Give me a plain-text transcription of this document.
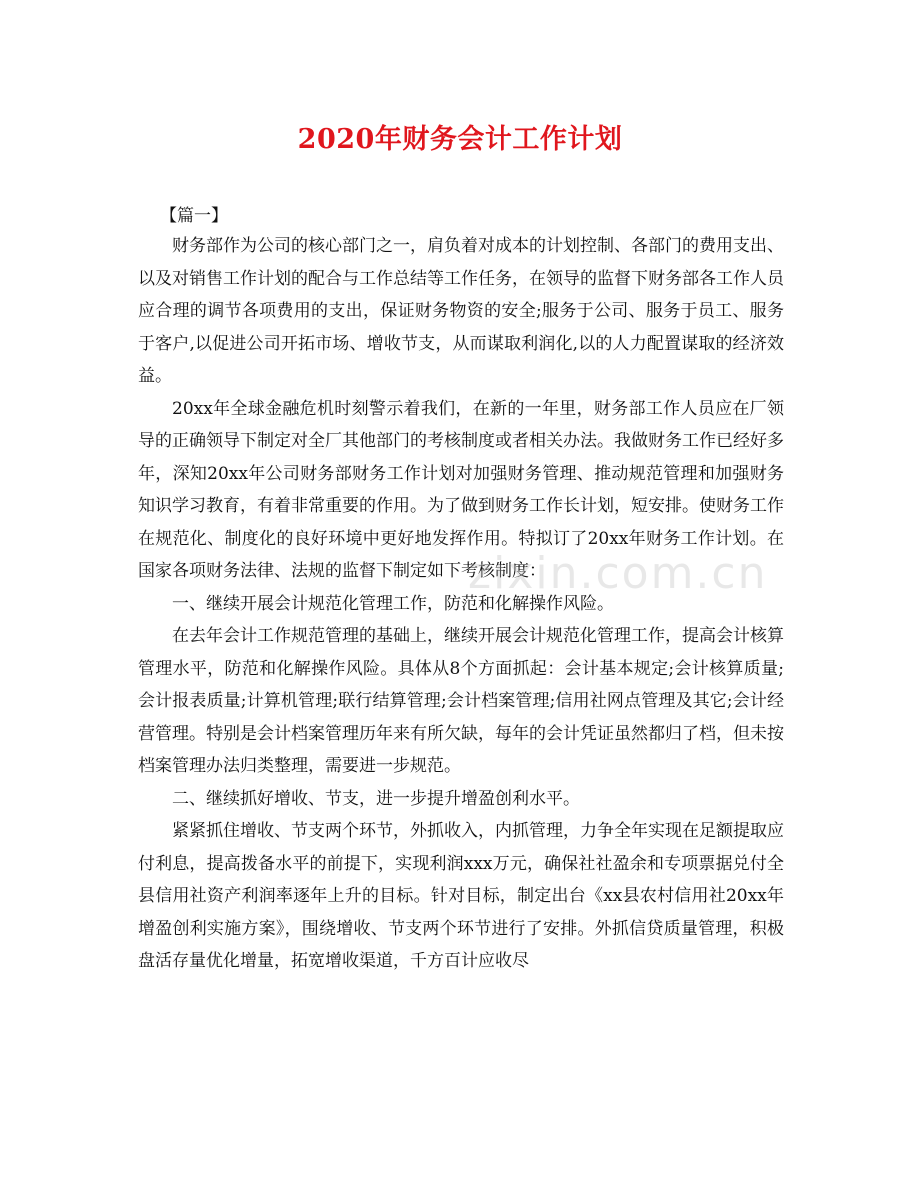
2020年财务会计工作计划
【篇一】

财务部作为公司的核心部门之一，肩负着对成本的计划控制、各部门的费用支出、以及对销售工作计划的配合与工作总结等工作任务，在领导的监督下财务部各工作人员应合理的调节各项费用的支出，保证财务物资的安全;服务于公司、服务于员工、服务于客户,以促进公司开拓市场、增收节支，从而谋取利润化,以的人力配置谋取的经济效益。

20xx年全球金融危机时刻警示着我们，在新的一年里，财务部工作人员应在厂领导的正确领导下制定对全厂其他部门的考核制度或者相关办法。我做财务工作已经好多年，深知20xx年公司财务部财务工作计划对加强财务管理、推动规范管理和加强财务知识学习教育，有着非常重要的作用。为了做到财务工作长计划，短安排。使财务工作在规范化、制度化的良好环境中更好地发挥作用。特拟订了20xx年财务工作计划。在国家各项财务法律、法规的监督下制定如下考核制度：

一、继续开展会计规范化管理工作，防范和化解操作风险。

在去年会计工作规范管理的基础上，继续开展会计规范化管理工作，提高会计核算管理水平，防范和化解操作风险。具体从8个方面抓起：会计基本规定;会计核算质量;会计报表质量;计算机管理;联行结算管理;会计档案管理;信用社网点管理及其它;会计经营管理。特别是会计档案管理历年来有所欠缺，每年的会计凭证虽然都归了档，但未按档案管理办法归类整理，需要进一步规范。

二、继续抓好增收、节支，进一步提升增盈创利水平。

紧紧抓住增收、节支两个环节，外抓收入，内抓管理，力争全年实现在足额提取应付利息，提高拨备水平的前提下，实现利润xxx万元，确保社社盈余和专项票据兑付全县信用社资产利润率逐年上升的目标。针对目标，制定出台《xx县农村信用社20xx年增盈创利实施方案》，围绕增收、节支两个环节进行了安排。外抓信贷质量管理，积极盘活存量优化增量，拓宽增收渠道，千方百计应收尽

zixin.com.cn
